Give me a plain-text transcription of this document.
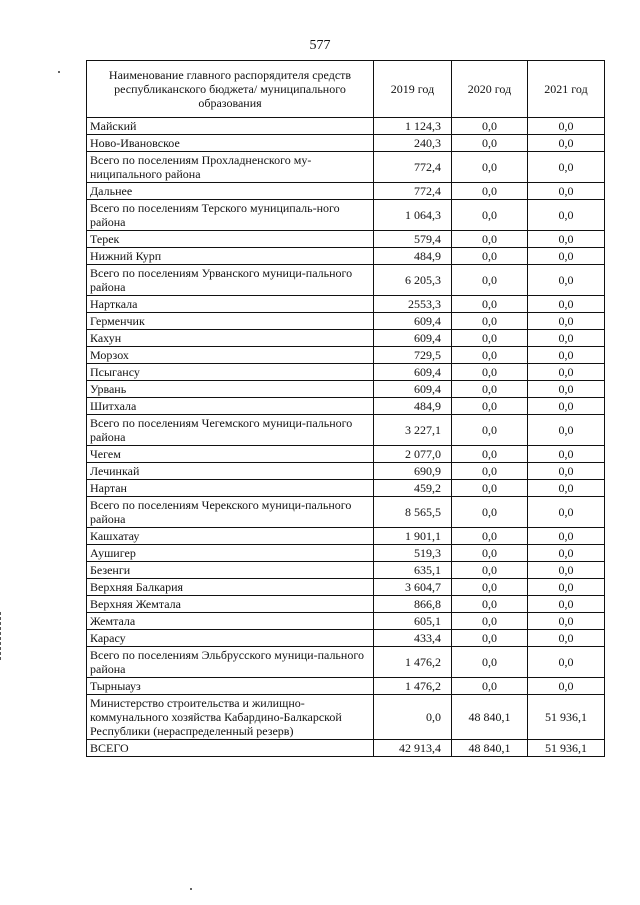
577
Наименование главного распорядителя средств республиканского бюджета/ муниципального образования	2019 год	2020 год	2021 год
Майский	1 124,3	0,0	0,0
Ново-Ивановское	240,3	0,0	0,0
Всего по поселениям Прохладненского му-ниципального района	772,4	0,0	0,0
Дальнее	772,4	0,0	0,0
Всего по поселениям Терского муниципаль-ного района	1 064,3	0,0	0,0
Терек	579,4	0,0	0,0
Нижний Курп	484,9	0,0	0,0
Всего по поселениям Урванского муници-пального района	6 205,3	0,0	0,0
Нарткала	2553,3	0,0	0,0
Герменчик	609,4	0,0	0,0
Кахун	609,4	0,0	0,0
Морзох	729,5	0,0	0,0
Псыгансу	609,4	0,0	0,0
Урвань	609,4	0,0	0,0
Шитхала	484,9	0,0	0,0
Всего по поселениям Чегемского муници-пального района	3 227,1	0,0	0,0
Чегем	2 077,0	0,0	0,0
Лечинкай	690,9	0,0	0,0
Нартан	459,2	0,0	0,0
Всего по поселениям Черекского муници-пального района	8 565,5	0,0	0,0
Кашхатау	1 901,1	0,0	0,0
Аушигер	519,3	0,0	0,0
Безенги	635,1	0,0	0,0
Верхняя Балкария	3 604,7	0,0	0,0
Верхняя Жемтала	866,8	0,0	0,0
Жемтала	605,1	0,0	0,0
Карасу	433,4	0,0	0,0
Всего по поселениям Эльбрусского муници-пального района	1 476,2	0,0	0,0
Тырныауз	1 476,2	0,0	0,0
Министерство строительства и жилищно-коммунального хозяйства Кабардино-Балкарской Республики (нераспределенный резерв)	0,0	48 840,1	51 936,1
ВСЕГО	42 913,4	48 840,1	51 936,1
